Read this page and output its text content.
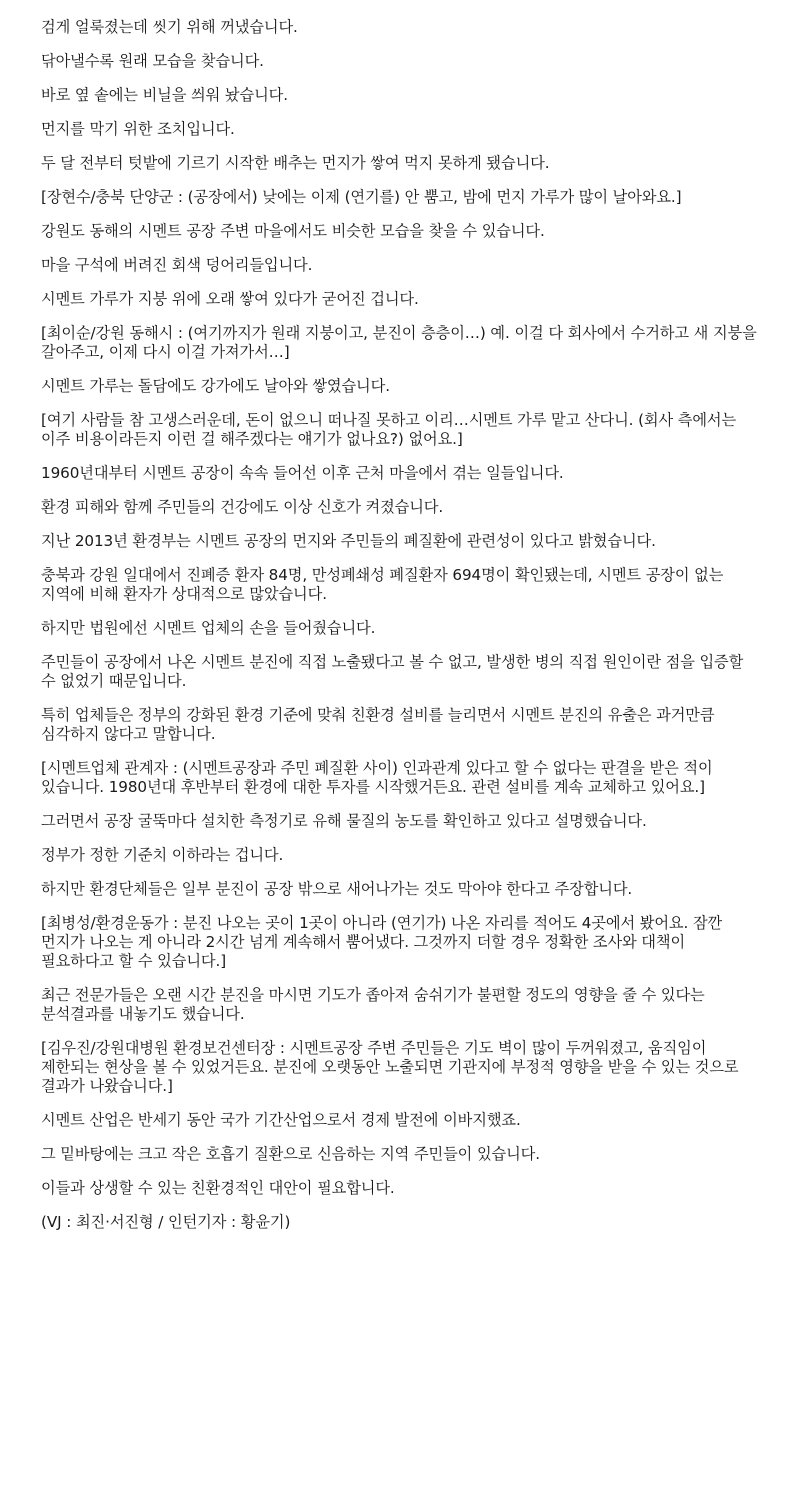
검게 얼룩졌는데 씻기 위해 꺼냈습니다.

닦아낼수록 원래 모습을 찾습니다.

바로 옆 솥에는 비닐을 씌워 놨습니다.

먼지를 막기 위한 조치입니다.

두 달 전부터 텃밭에 기르기 시작한 배추는 먼지가 쌓여 먹지 못하게 됐습니다.

[장현수/충북 단양군 : (공장에서) 낮에는 이제 (연기를) 안 뿜고, 밤에 먼지 가루가 많이 날아와요.]

강원도 동해의 시멘트 공장 주변 마을에서도 비슷한 모습을 찾을 수 있습니다.

마을 구석에 버려진 회색 덩어리들입니다.

시멘트 가루가 지붕 위에 오래 쌓여 있다가 굳어진 겁니다.

[최이순/강원 동해시 : (여기까지가 원래 지붕이고, 분진이 층층이…) 예. 이걸 다 회사에서 수거하고 새 지붕을 갈아주고, 이제 다시 이걸 가져가서…]

시멘트 가루는 돌담에도 강가에도 날아와 쌓였습니다.

[여기 사람들 참 고생스러운데, 돈이 없으니 떠나질 못하고 이리…시멘트 가루 맡고 산다니. (회사 측에서는 이주 비용이라든지 이런 걸 해주겠다는 얘기가 없나요?) 없어요.]

1960년대부터 시멘트 공장이 속속 들어선 이후 근처 마을에서 겪는 일들입니다.

환경 피해와 함께 주민들의 건강에도 이상 신호가 켜졌습니다.

지난 2013년 환경부는 시멘트 공장의 먼지와 주민들의 폐질환에 관련성이 있다고 밝혔습니다.

충북과 강원 일대에서 진폐증 환자 84명, 만성폐쇄성 폐질환자 694명이 확인됐는데, 시멘트 공장이 없는 지역에 비해 환자가 상대적으로 많았습니다.

하지만 법원에선 시멘트 업체의 손을 들어줬습니다.

주민들이 공장에서 나온 시멘트 분진에 직접 노출됐다고 볼 수 없고, 발생한 병의 직접 원인이란 점을 입증할 수 없었기 때문입니다.

특히 업체들은 정부의 강화된 환경 기준에 맞춰 친환경 설비를 늘리면서 시멘트 분진의 유출은 과거만큼 심각하지 않다고 말합니다.

[시멘트업체 관계자 : (시멘트공장과 주민 폐질환 사이) 인과관계 있다고 할 수 없다는 판결을 받은 적이 있습니다. 1980년대 후반부터 환경에 대한 투자를 시작했거든요. 관련 설비를 계속 교체하고 있어요.]

그러면서 공장 굴뚝마다 설치한 측정기로 유해 물질의 농도를 확인하고 있다고 설명했습니다.

정부가 정한 기준치 이하라는 겁니다.

하지만 환경단체들은 일부 분진이 공장 밖으로 새어나가는 것도 막아야 한다고 주장합니다.

[최병성/환경운동가 : 분진 나오는 곳이 1곳이 아니라 (연기가) 나온 자리를 적어도 4곳에서 봤어요. 잠깐 먼지가 나오는 게 아니라 2시간 넘게 계속해서 뿜어냈다. 그것까지 더할 경우 정확한 조사와 대책이 필요하다고 할 수 있습니다.]

최근 전문가들은 오랜 시간 분진을 마시면 기도가 좁아져 숨쉬기가 불편할 정도의 영향을 줄 수 있다는 분석결과를 내놓기도 했습니다.

[김우진/강원대병원 환경보건센터장 : 시멘트공장 주변 주민들은 기도 벽이 많이 두꺼워졌고, 움직임이 제한되는 현상을 볼 수 있었거든요. 분진에 오랫동안 노출되면 기관지에 부정적 영향을 받을 수 있는 것으로 결과가 나왔습니다.]

시멘트 산업은 반세기 동안 국가 기간산업으로서 경제 발전에 이바지했죠.

그 밑바탕에는 크고 작은 호흡기 질환으로 신음하는 지역 주민들이 있습니다.

이들과 상생할 수 있는 친환경적인 대안이 필요합니다.

(VJ : 최진·서진형 / 인턴기자 : 황윤기)
